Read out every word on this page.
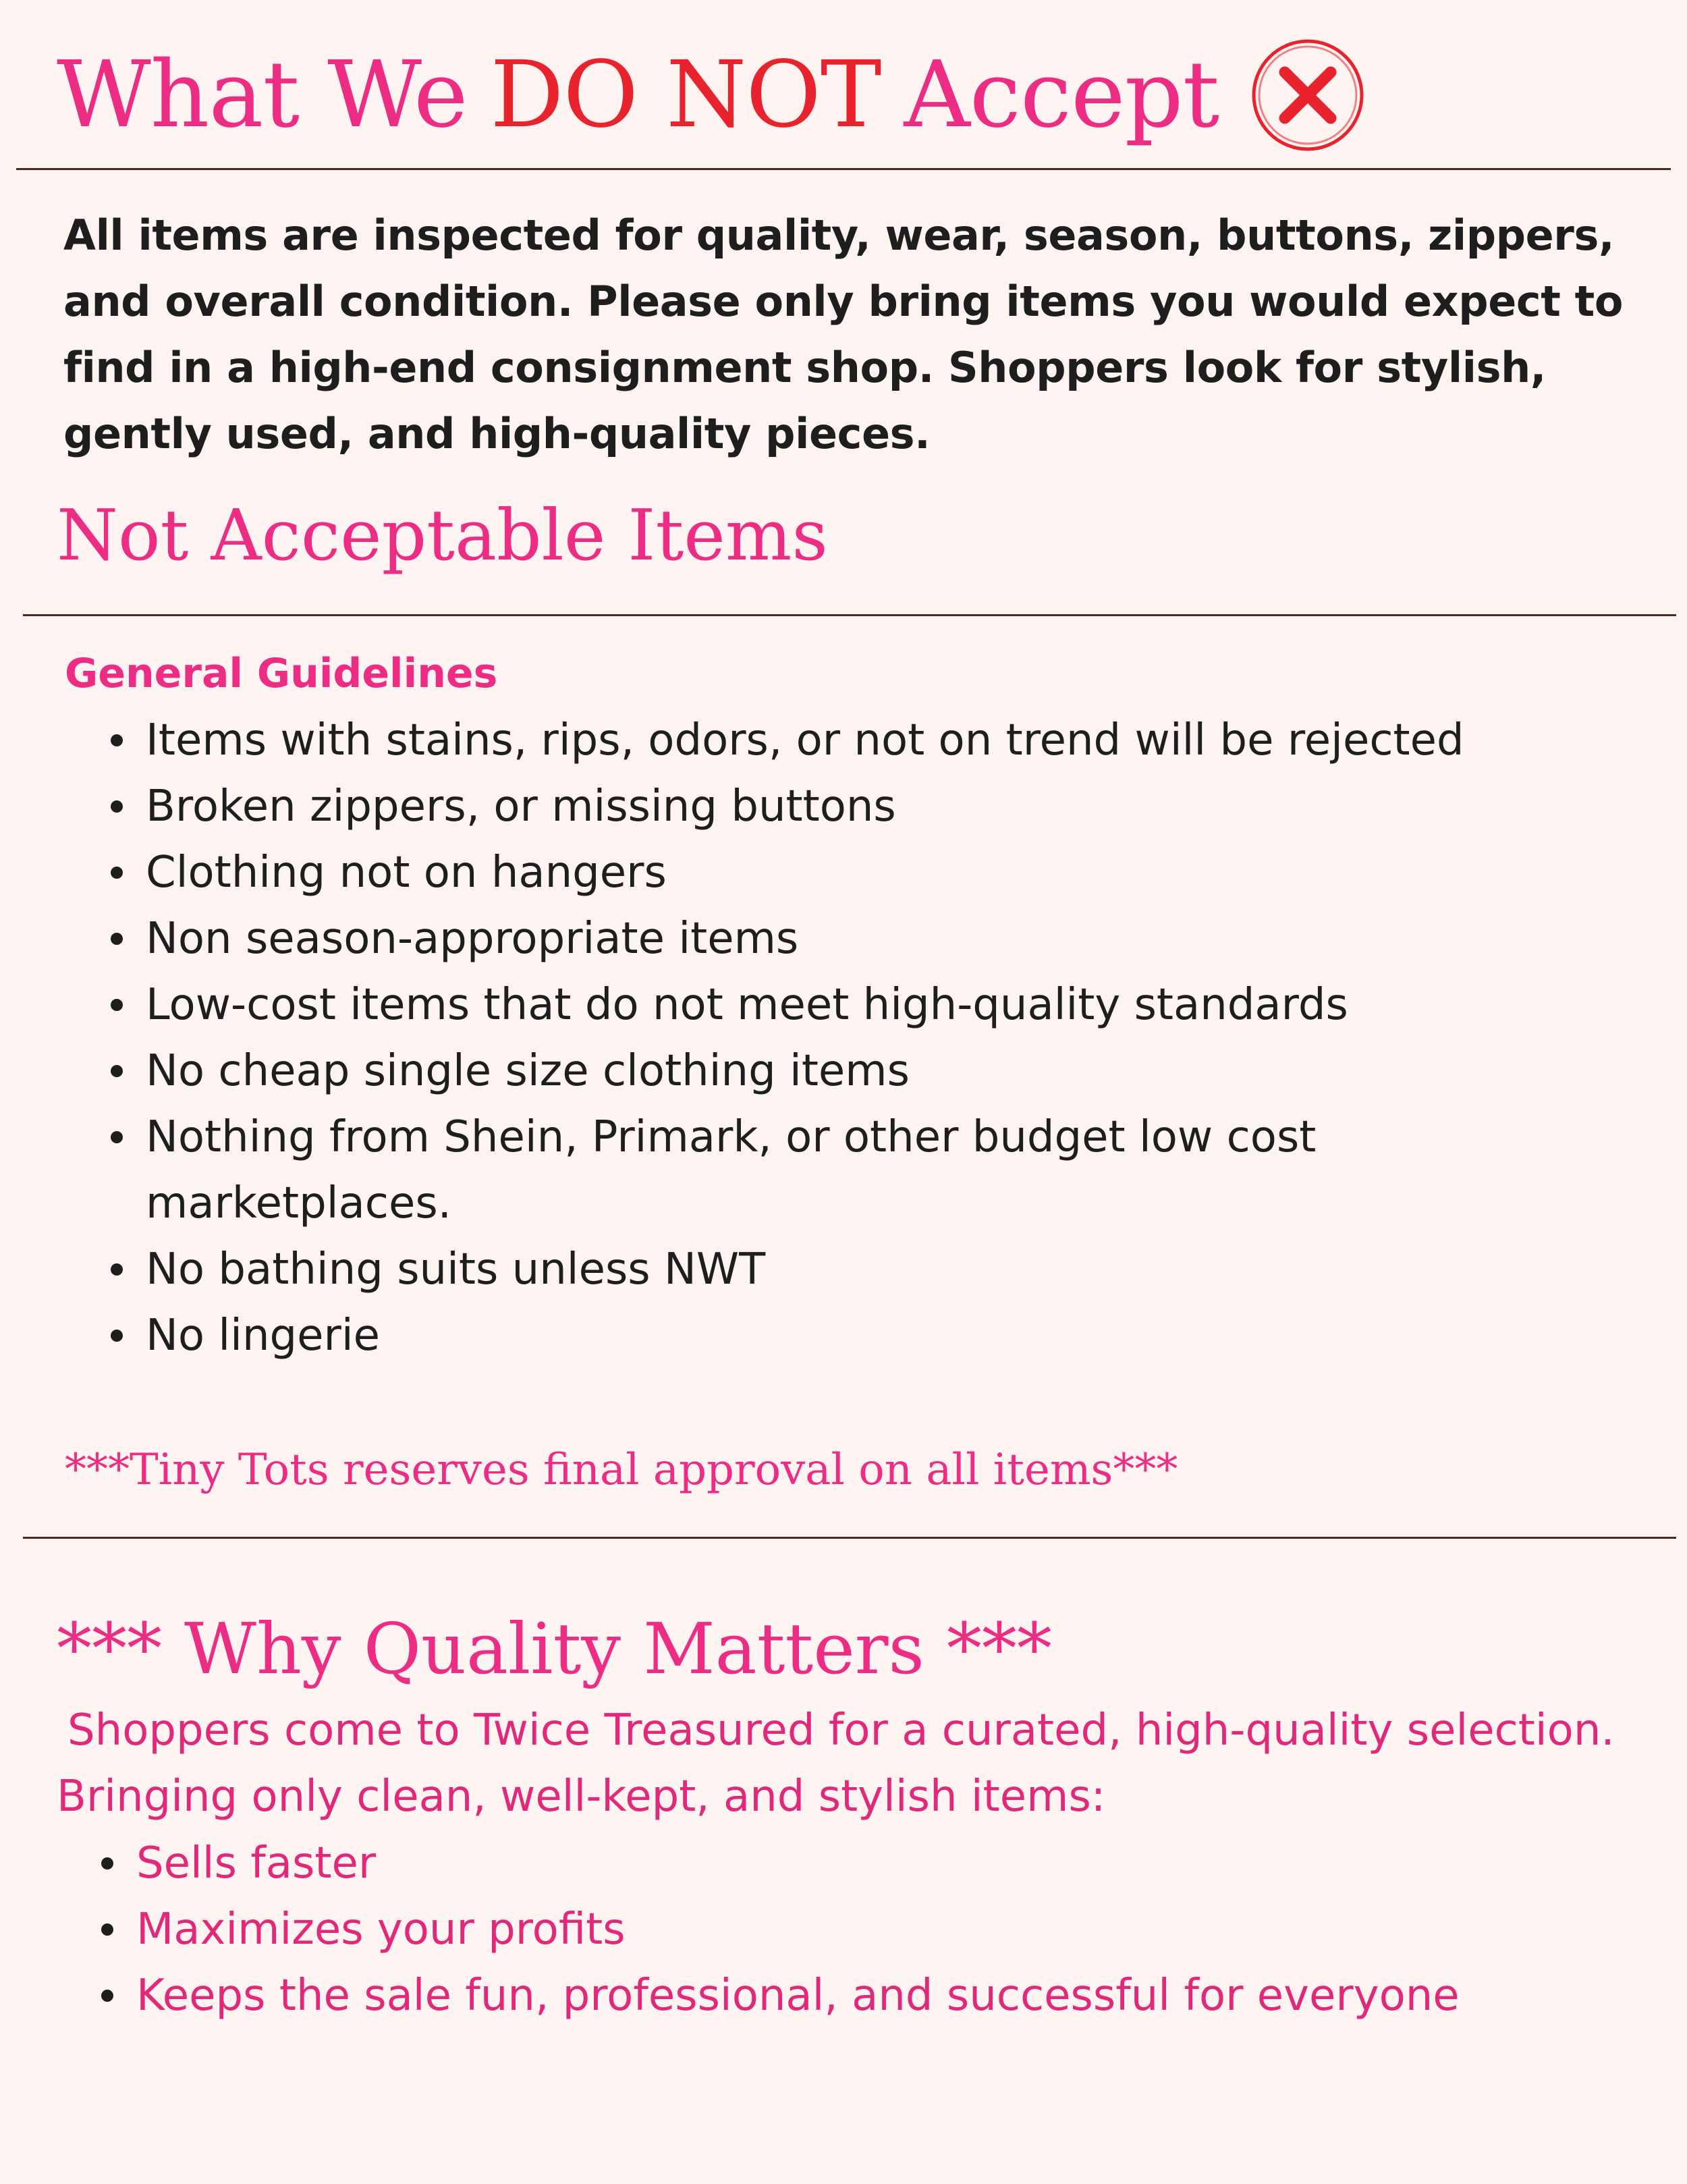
What We DO NOT Accept
All items are inspected for quality, wear, season, buttons, zippers, and overall condition. Please only bring items you would expect to find in a high-end consignment shop. Shoppers look for stylish, gently used, and high-quality pieces.
Not Acceptable Items
General Guidelines
Items with stains, rips, odors, or not on trend will be rejected
Broken zippers, or missing buttons
Clothing not on hangers
Non season-appropriate items
Low-cost items that do not meet high-quality standards
No cheap single size clothing items
Nothing from Shein, Primark, or other budget low cost marketplaces.
No bathing suits unless NWT
No lingerie
***Tiny Tots reserves final approval on all items***
*** Why Quality Matters ***
Shoppers come to Twice Treasured for a curated, high-quality selection.
Bringing only clean, well-kept, and stylish items:
Sells faster
Maximizes your profits
Keeps the sale fun, professional, and successful for everyone
